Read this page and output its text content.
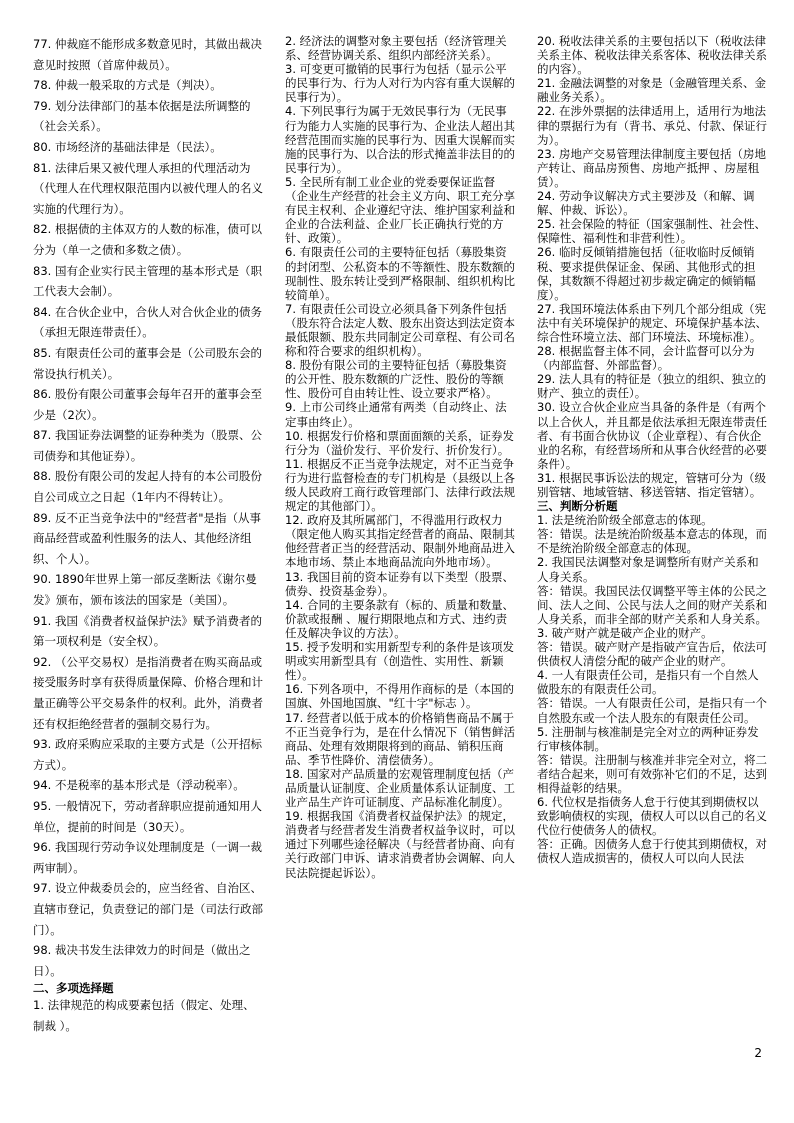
77. 仲裁庭不能形成多数意见时，其做出裁决意见时按照（首席仲裁员）。

78. 仲裁一般采取的方式是（判决）。

79. 划分法律部门的基本依据是法所调整的（社会关系）。

80. 市场经济的基础法律是（民法）。

81. 法律后果又被代理人承担的代理活动为（代理人在代理权限范围内以被代理人的名义实施的代理行为）。

82. 根据债的主体双方的人数的标准，债可以分为（单一之债和多数之债）。

83. 国有企业实行民主管理的基本形式是（职工代表大会制）。

84. 在合伙企业中，合伙人对合伙企业的债务（承担无限连带责任）。

85. 有限责任公司的董事会是（公司股东会的常设执行机关）。

86. 股份有限公司董事会每年召开的董事会至少是（2次）。

87. 我国证券法调整的证券种类为（股票、公司债券和其他证券）。

88. 股份有限公司的发起人持有的本公司股份自公司成立之日起（1年内不得转让）。

89. 反不正当竞争法中的"经营者"是指（从事商品经营或盈利性服务的法人、其他经济组织、个人）。

90. 1890年世界上第一部反垄断法《谢尔曼发》颁布，颁布该法的国家是（美国）。

91. 我国《消费者权益保护法》赋予消费者的第一项权利是（安全权）。

92. （公平交易权）是指消费者在购买商品或接受服务时享有获得质量保障、价格合理和计量正确等公平交易条件的权利。此外，消费者还有权拒绝经营者的强制交易行为。

93. 政府采购应采取的主要方式是（公开招标方式）。

94. 不是税率的基本形式是（浮动税率）。

95. 一般情况下，劳动者辞职应提前通知用人单位，提前的时间是（30天）。

96. 我国现行劳动争议处理制度是（一调一裁两审制）。

97. 设立仲裁委员会的，应当经省、自治区、直辖市登记，负责登记的部门是（司法行政部门）。

98. 裁决书发生法律效力的时间是（做出之日）。

二、多项选择题

1. 法律规范的构成要素包括（假定、处理、制裁 ）。

2. 经济法的调整对象主要包括（经济管理关系、经营协调关系、组织内部经济关系）。

3. 可变更可撤销的民事行为包括（显示公平的民事行为、行为人对行为内容有重大误解的民事行为）。

4. 下列民事行为属于无效民事行为（无民事行为能力人实施的民事行为、企业法人超出其经营范围而实施的民事行为、因重大误解而实施的民事行为、以合法的形式掩盖非法目的的民事行为）。

5. 全民所有制工业企业的党委要保证监督（企业生产经营的社会主义方向、职工充分享有民主权利、企业遵纪守法、维护国家利益和企业的合法利益、企业厂长正确执行党的方针、政策）。

6. 有限责任公司的主要特征包括（募股集资的封闭型、公私资本的不等额性、股东数额的现制性、股东转让受到严格限制、组织机构比较简单）。

7. 有限责任公司设立必须具备下列条件包括（股东符合法定人数、股东出资达到法定资本最低限额、股东共同制定公司章程、有公司名称和符合要求的组织机构）。

8. 股份有限公司的主要特征包括（募股集资的公开性、股东数额的广泛性、股份的等额性、股份可自由转让性、设立要求严格）。

9. 上市公司终止通常有两类（自动终止、法定事由终止）。

10. 根据发行价格和票面面额的关系，证券发行分为（溢价发行、平价发行、折价发行）。

11. 根据反不正当竞争法规定，对不正当竞争行为进行监督检查的专门机构是（县级以上各级人民政府工商行政管理部门、法律行政法规规定的其他部门）。

12. 政府及其所属部门，不得滥用行政权力（限定他人购买其指定经营者的商品、限制其他经营者正当的经营活动、限制外地商品进入本地市场、禁止本地商品流向外地市场）。

13. 我国目前的资本证券有以下类型（股票、债券、投资基金券）。

14. 合同的主要条款有（标的、质量和数量、价款或报酬 、履行期限地点和方式、违约责任及解决争议的方法）。

15. 授予发明和实用新型专利的条件是该项发明或实用新型具有（创造性、实用性、新颖性）。

16. 下列各项中，不得用作商标的是（本国的国旗、外国地国旗、"红十字"标志 ）。

17. 经营者以低于成本的价格销售商品不属于不正当竞争行为，是在什么情况下（销售鲜活商品、处理有效期限将到的商品、销积压商品、季节性降价、清偿债务）。

18. 国家对产品质量的宏观管理制度包括（产品质量认证制度、企业质量体系认证制度、工业产品生产许可证制度、产品标准化制度）。

19. 根据我国《消费者权益保护法》的规定，消费者与经营者发生消费者权益争议时，可以通过下列哪些途径解决（与经营者协商、向有关行政部门申诉、请求消费者协会调解、向人民法院提起诉讼）。

20. 税收法律关系的主要包括以下（税收法律关系主体、税收法律关系客体、税收法律关系的内容）。

21. 金融法调整的对象是（金融管理关系、金融业务关系）。

22. 在涉外票据的法律适用上，适用行为地法律的票据行为有（背书、承兑、付款、保证行为）。

23. 房地产交易管理法律制度主要包括（房地产转让、商品房预售、房地产抵押 、房屋租赁）。

24. 劳动争议解决方式主要涉及（和解、调解、仲裁、诉讼）。

25. 社会保险的特征（国家强制性、社会性、保障性、福利性和非营利性）。

26. 临时反倾销措施包括（征收临时反倾销税、要求提供保证金、保函、其他形式的担保，其数额不得超过初步裁定确定的倾销幅度）。

27. 我国环境法体系由下列几个部分组成（宪法中有关环境保护的规定、环境保护基本法、综合性环境立法、部门环境法、环境标准）。

28. 根据监督主体不同，会计监督可以分为（内部监督、外部监督）。

29. 法人具有的特征是（独立的组织、独立的财产、独立的责任）。

30. 设立合伙企业应当具备的条件是（有两个以上合伙人，并且都是依法承担无限连带责任者、有书面合伙协议（企业章程）、有合伙企业的名称，有经营场所和从事合伙经营的必要条件）。

31. 根据民事诉讼法的规定，管辖可分为（级别管辖、地域管辖、移送管辖、指定管辖）。

三、判断分析题

1. 法是统治阶级全部意志的体现。

答：错误。法是统治阶级基本意志的体现，而不是统治阶级全部意志的体现。

2. 我国民法调整对象是调整所有财产关系和人身关系。

答：错误。我国民法仅调整平等主体的公民之间、法人之间、公民与法人之间的财产关系和人身关系，而非全部的财产关系和人身关系。

3. 破产财产就是破产企业的财产。

答：错误。破产财产是指破产宣告后，依法可供债权人清偿分配的破产企业的财产。

4. 一人有限责任公司，是指只有一个自然人做股东的有限责任公司。

答：错误。一人有限责任公司，是指只有一个自然股东或一个法人股东的有限责任公司。

5. 注册制与核准制是完全对立的两种证券发行审核体制。

答：错误。注册制与核准并非完全对立，将二者结合起来，则可有效弥补它们的不足，达到相得益彰的结果。

6. 代位权是指债务人怠于行使其到期债权以致影响债权的实现，债权人可以以自己的名义代位行使债务人的债权。

答：正确。因债务人怠于行使其到期债权，对债权人造成损害的，债权人可以向人民法

2
